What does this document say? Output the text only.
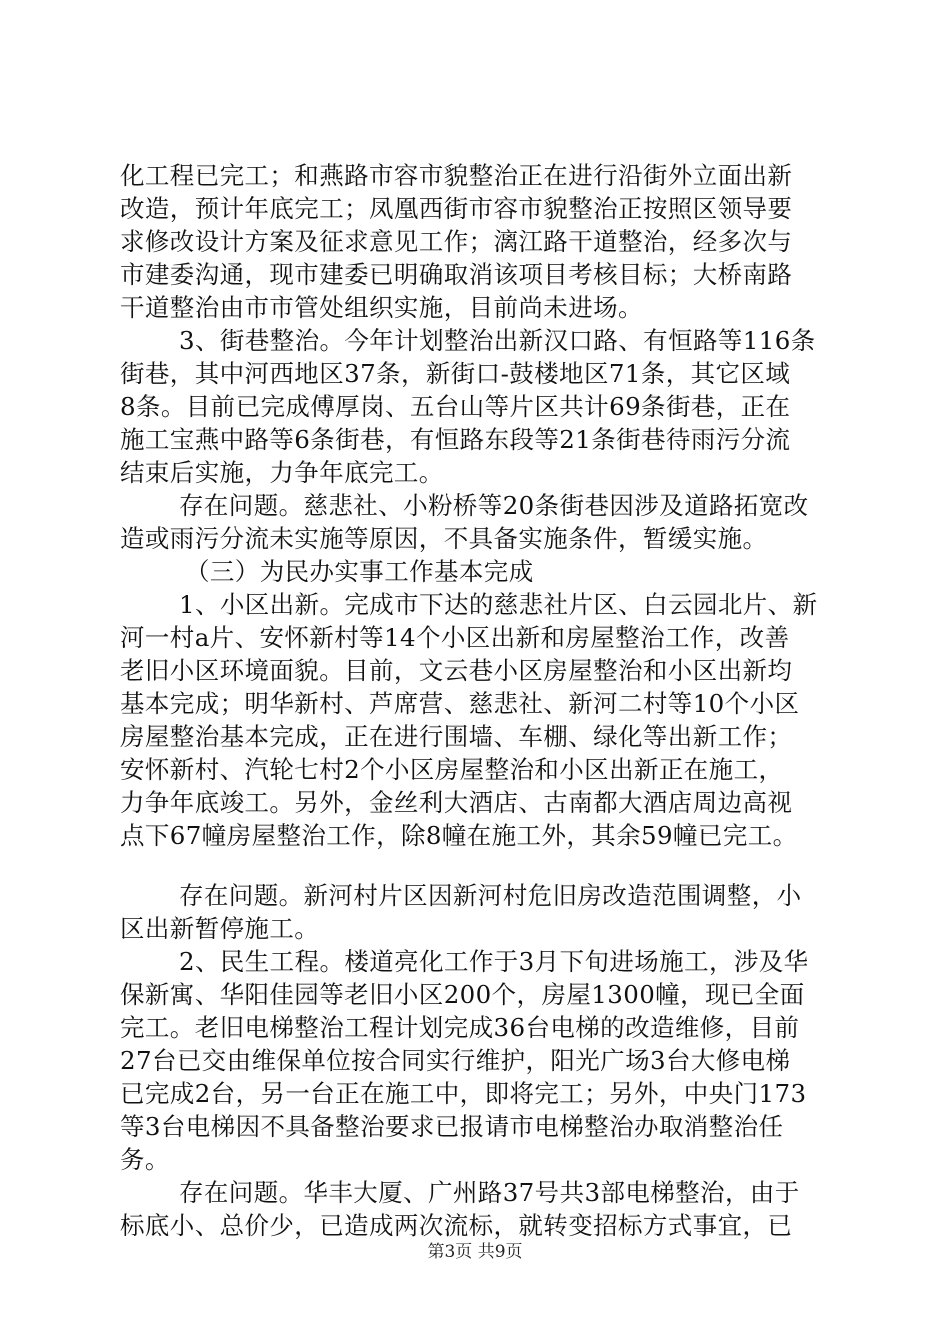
化工程已完工；和燕路市容市貌整治正在进行沿街外立面出新
改造，预计年底完工；凤凰西街市容市貌整治正按照区领导要
求修改设计方案及征求意见工作；漓江路干道整治，经多次与
市建委沟通，现市建委已明确取消该项目考核目标；大桥南路
干道整治由市市管处组织实施，目前尚未进场。
3、街巷整治。今年计划整治出新汉口路、有恒路等116条
街巷，其中河西地区37条，新街口-鼓楼地区71条，其它区域
8条。目前已完成傅厚岗、五台山等片区共计69条街巷，正在
施工宝燕中路等6条街巷，有恒路东段等21条街巷待雨污分流
结束后实施，力争年底完工。
存在问题。慈悲社、小粉桥等20条街巷因涉及道路拓宽改
造或雨污分流未实施等原因，不具备实施条件，暂缓实施。
（三）为民办实事工作基本完成
1、小区出新。完成市下达的慈悲社片区、白云园北片、新
河一村a片、安怀新村等14个小区出新和房屋整治工作，改善
老旧小区环境面貌。目前，文云巷小区房屋整治和小区出新均
基本完成；明华新村、芦席营、慈悲社、新河二村等10个小区
房屋整治基本完成，正在进行围墙、车棚、绿化等出新工作；
安怀新村、汽轮七村2个小区房屋整治和小区出新正在施工，
力争年底竣工。另外，金丝利大酒店、古南都大酒店周边高视
点下67幢房屋整治工作，除8幢在施工外，其余59幢已完工。
存在问题。新河村片区因新河村危旧房改造范围调整，小
区出新暂停施工。
2、民生工程。楼道亮化工作于3月下旬进场施工，涉及华
保新寓、华阳佳园等老旧小区200个，房屋1300幢，现已全面
完工。老旧电梯整治工程计划完成36台电梯的改造维修，目前
27台已交由维保单位按合同实行维护，阳光广场3台大修电梯
已完成2台，另一台正在施工中，即将完工；另外，中央门173
等3台电梯因不具备整治要求已报请市电梯整治办取消整治任
务。
存在问题。华丰大厦、广州路37号共3部电梯整治，由于
标底小、总价少，已造成两次流标，就转变招标方式事宜，已
第3页 共9页
